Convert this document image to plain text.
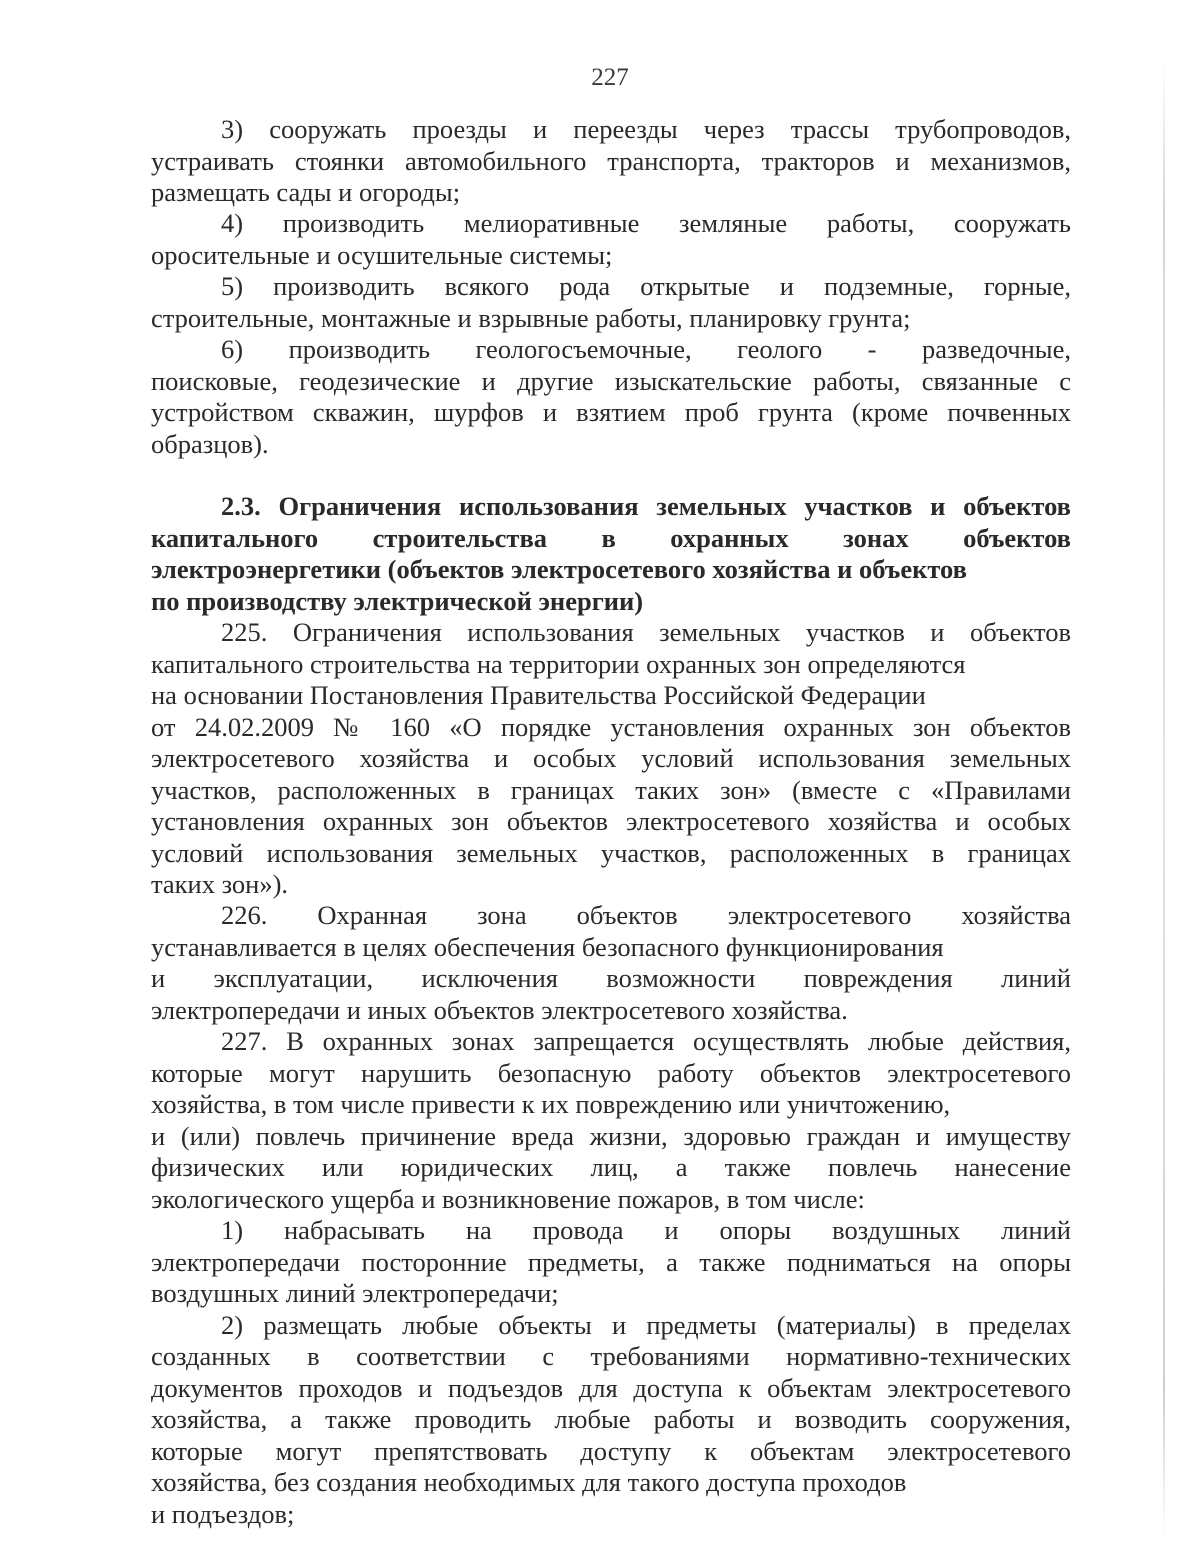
227
3) сооружать проезды и переезды через трассы трубопроводов,
устраивать стоянки автомобильного транспорта, тракторов и механизмов,
размещать сады и огороды;
4) производить мелиоративные земляные работы, сооружать
оросительные и осушительные системы;
5) производить всякого рода открытые и подземные, горные,
строительные, монтажные и взрывные работы, планировку грунта;
6) производить геологосъемочные, геолого - разведочные,
поисковые, геодезические и другие изыскательские работы, связанные с
устройством скважин, шурфов и взятием проб грунта (кроме почвенных
образцов).
2.3. Ограничения использования земельных участков и объектов
капитального строительства в охранных зонах объектов
электроэнергетики (объектов электросетевого хозяйства и объектов
по производству электрической энергии)
225. Ограничения использования земельных участков и объектов
капитального строительства на территории охранных зон определяются
на основании Постановления Правительства Российской Федерации
от 24.02.2009 № 160 «О порядке установления охранных зон объектов
электросетевого хозяйства и особых условий использования земельных
участков, расположенных в границах таких зон» (вместе с «Правилами
установления охранных зон объектов электросетевого хозяйства и особых
условий использования земельных участков, расположенных в границах
таких зон»).
226. Охранная зона объектов электросетевого хозяйства
устанавливается в целях обеспечения безопасного функционирования
и эксплуатации, исключения возможности повреждения линий
электропередачи и иных объектов электросетевого хозяйства.
227. В охранных зонах запрещается осуществлять любые действия,
которые могут нарушить безопасную работу объектов электросетевого
хозяйства, в том числе привести к их повреждению или уничтожению,
и (или) повлечь причинение вреда жизни, здоровью граждан и имуществу
физических или юридических лиц, а также повлечь нанесение
экологического ущерба и возникновение пожаров, в том числе:
1) набрасывать на провода и опоры воздушных линий
электропередачи посторонние предметы, а также подниматься на опоры
воздушных линий электропередачи;
2) размещать любые объекты и предметы (материалы) в пределах
созданных в соответствии с требованиями нормативно-технических
документов проходов и подъездов для доступа к объектам электросетевого
хозяйства, а также проводить любые работы и возводить сооружения,
которые могут препятствовать доступу к объектам электросетевого
хозяйства, без создания необходимых для такого доступа проходов
и подъездов;
